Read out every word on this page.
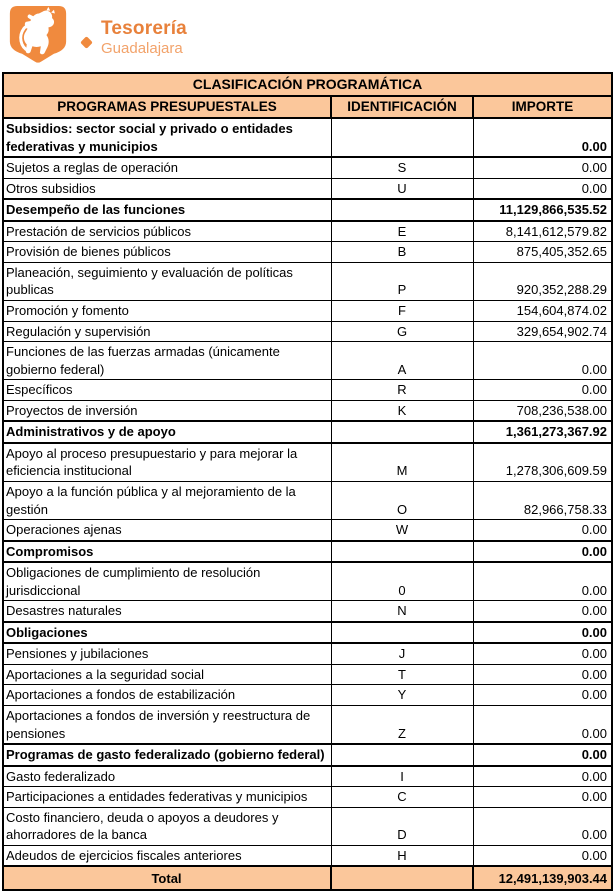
Tesorería
Guadalajara
CLASIFICACIÓN PROGRAMÁTICA		
PROGRAMAS PRESUPUESTALES	IDENTIFICACIÓN	IMPORTE
Subsidios: sector social y privado o entidades federativas y municipios		0.00
Sujetos a reglas de operación	S	0.00
Otros subsidios	U	0.00
Desempeño de las funciones		11,129,866,535.52
Prestación de servicios públicos	E	8,141,612,579.82
Provisión de bienes públicos	B	875,405,352.65
Planeación, seguimiento y evaluación de políticas publicas	P	920,352,288.29
Promoción y fomento	F	154,604,874.02
Regulación y supervisión	G	329,654,902.74
Funciones de las fuerzas armadas (únicamente gobierno federal)	A	0.00
Específicos	R	0.00
Proyectos de inversión	K	708,236,538.00
Administrativos y de apoyo		1,361,273,367.92
Apoyo al proceso presupuestario y para mejorar la eficiencia institucional	M	1,278,306,609.59
Apoyo a la función pública y al mejoramiento de la gestión	O	82,966,758.33
Operaciones ajenas	W	0.00
Compromisos		0.00
Obligaciones de cumplimiento de resolución jurisdiccional	0	0.00
Desastres naturales	N	0.00
Obligaciones		0.00
Pensiones y jubilaciones	J	0.00
Aportaciones a la seguridad social	T	0.00
Aportaciones a fondos de estabilización	Y	0.00
Aportaciones a fondos de inversión y reestructura de pensiones	Z	0.00
Programas de gasto federalizado (gobierno federal)		0.00
Gasto federalizado	I	0.00
Participaciones a entidades federativas y municipios	C	0.00
Costo financiero, deuda o apoyos a deudores y ahorradores de la banca	D	0.00
Adeudos de ejercicios fiscales anteriores	H	0.00
Total		12,491,139,903.44
